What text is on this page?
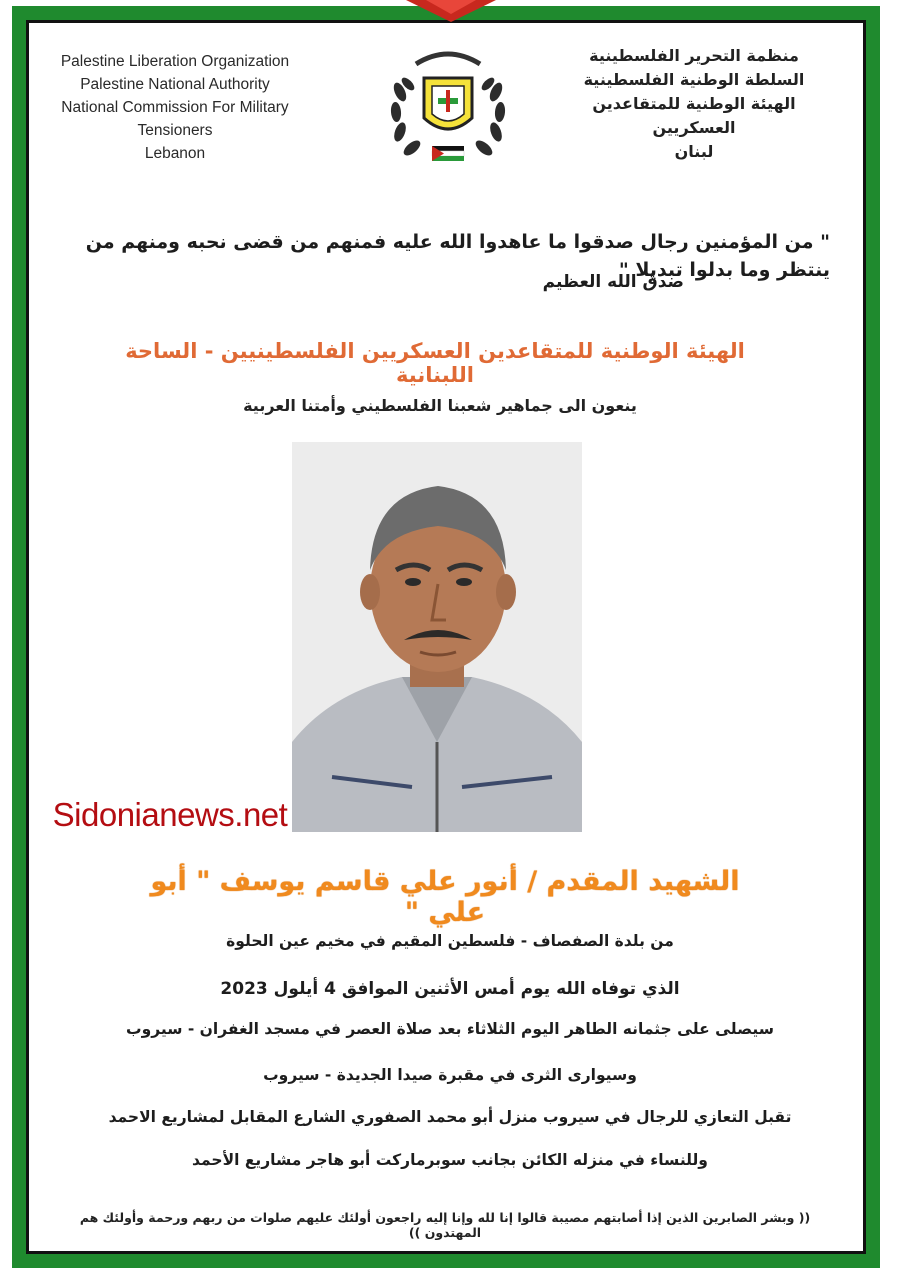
Palestine Liberation Organization
Palestine National Authority
National Commission For Military Tensioners
Lebanon
منظمة التحرير الفلسطينية
السلطة الوطنية الفلسطينية
الهيئة الوطنية للمتقاعدين العسكريين
لبنان
" من المؤمنين رجال صدقوا ما عاهدوا الله عليه فمنهم من قضى نحبه ومنهم من ينتظر وما بدلوا تبديلا "
صدق الله العظيم
الهيئة الوطنية للمتقاعدين العسكريين الفلسطينيين - الساحة اللبنانية
ينعون الى جماهير شعبنا الفلسطيني وأمتنا العربية
Sidonianews.net
الشهيد المقدم / أنور علي قاسم يوسف " أبو علي "
من بلدة الصفصاف - فلسطين المقيم في مخيم عين الحلوة
الذي توفاه الله يوم أمس الأثنين الموافق 4 أيلول 2023
سيصلى على جثمانه الطاهر اليوم الثلاثاء بعد صلاة العصر في مسجد الغفران - سيروب
وسيوارى الثرى في مقبرة صيدا الجديدة - سيروب
تقبل التعازي للرجال في سيروب منزل أبو محمد الصفوري الشارع المقابل لمشاريع الاحمد
وللنساء في منزله الكائن بجانب سوبرماركت أبو هاجر مشاريع الأحمد
(( وبشر الصابرين الذين إذا أصابتهم مصيبة قالوا إنا لله وإنا إليه راجعون أولئك عليهم صلوات من ربهم ورحمة وأولئك هم المهتدون ))
